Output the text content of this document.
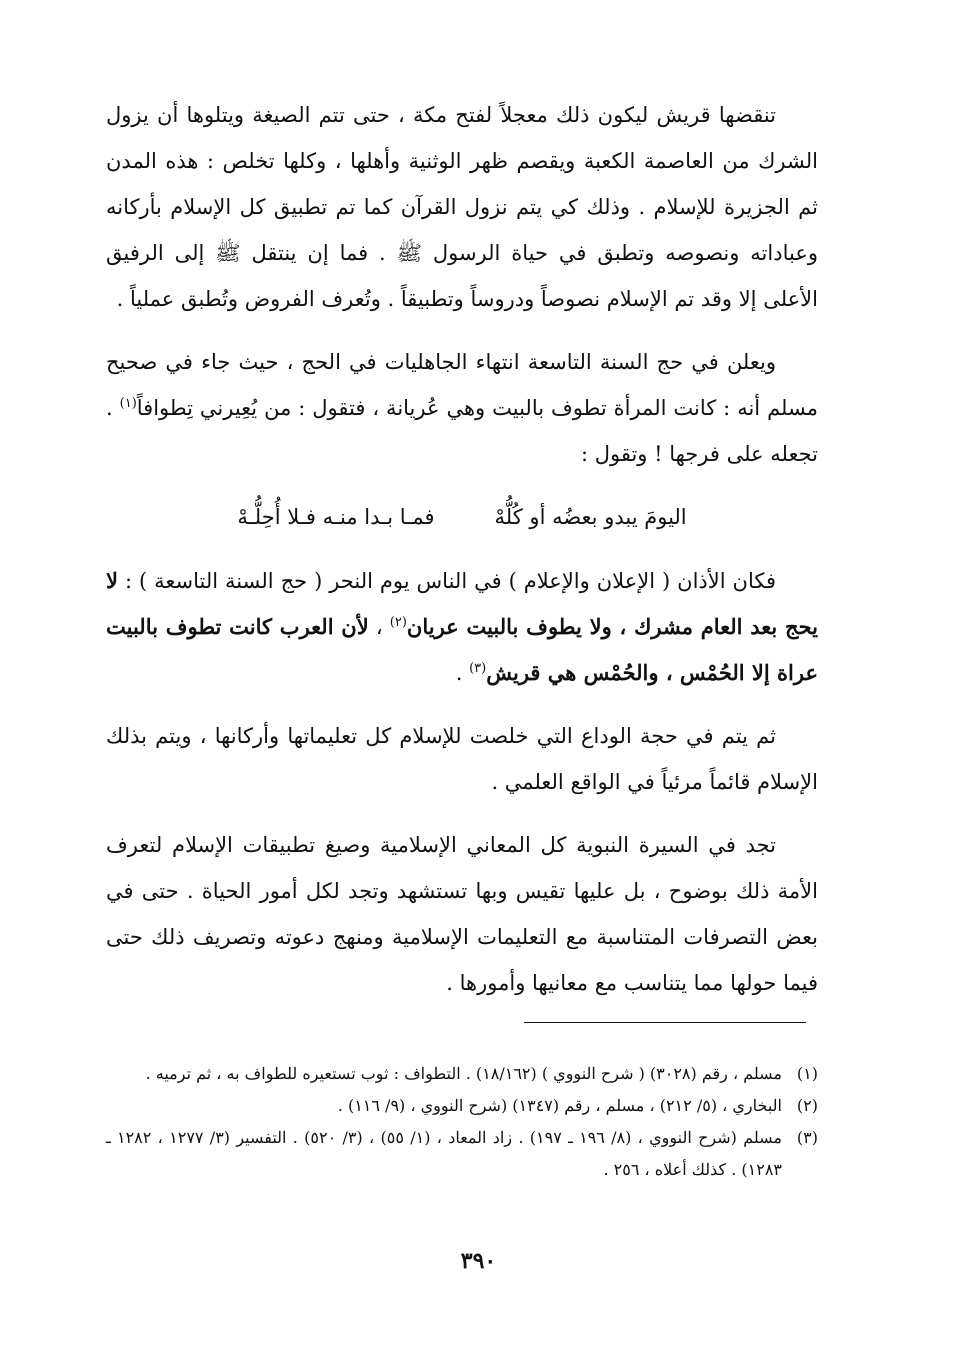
تنقضها قريش ليكون ذلك معجلاً لفتح مكة ، حتى تتم الصيغة ويتلوها أن يزول الشرك من العاصمة الكعبة ويقصم ظهر الوثنية وأهلها ، وكلها تخلص : هذه المدن ثم الجزيرة للإسلام . وذلك كي يتم نزول القرآن كما تم تطبيق كل الإسلام بأركانه وعباداته ونصوصه وتطبق في حياة الرسول ﷺ . فما إن ينتقل ﷺ إلى الرفيق الأعلى إلا وقد تم الإسلام نصوصاً ودروساً وتطبيقاً . وتُعرف الفروض وتُطبق عملياً .

ويعلن في حج السنة التاسعة انتهاء الجاهليات في الحج ، حيث جاء في صحيح مسلم أنه : كانت المرأة تطوف بالبيت وهي عُريانة ، فتقول : من يُعِيرني تِطوافاً$^{(١)}$ . تجعله على فرجها ! وتقول :

اليومَ يبدو بعضُه أو كُلُّهْ
فمـا بـدا منـه فـلا أُحِلُّـهْ

فكان الأذان ( الإعلان والإعلام ) في الناس يوم النحر ( حج السنة التاسعة ) : لا يحج بعد العام مشرك ، ولا يطوف بالبيت عريان$^{(٢)}$ ، لأن العرب كانت تطوف بالبيت عراة إلا الحُمْس ، والحُمْس هي قريش$^{(٣)}$ .

ثم يتم في حجة الوداع التي خلصت للإسلام كل تعليماتها وأركانها ، ويتم بذلك الإسلام قائماً مرئياً في الواقع العلمي .

تجد في السيرة النبوية كل المعاني الإسلامية وصيغ تطبيقات الإسلام لتعرف الأمة ذلك بوضوح ، بل عليها تقيس وبها تستشهد وتجد لكل أمور الحياة . حتى في بعض التصرفات المتناسبة مع التعليمات الإسلامية ومنهج دعوته وتصريف ذلك حتى فيما حولها مما يتناسب مع معانيها وأمورها .

(١)
مسلم ، رقم (٣٠٢٨) ( شرح النووي ) (١٨/١٦٢) . التطواف : ثوب تستعيره للطواف به ، ثم ترميه .
(٢)
البخاري ، (٥/ ٢١٢) ، مسلم ، رقم (١٣٤٧) (شرح النووي ، (٩/ ١١٦) .
(٣)
مسلم (شرح النووي ، (٨/ ١٩٦ ـ ١٩٧) . زاد المعاد ، (١/ ٥٥) ، (٣/ ٥٢٠) . التفسير (٣/ ١٢٧٧ ، ١٢٨٢ ـ ١٢٨٣) . كذلك أعلاه ، ٢٥٦ .
٣٩٠
